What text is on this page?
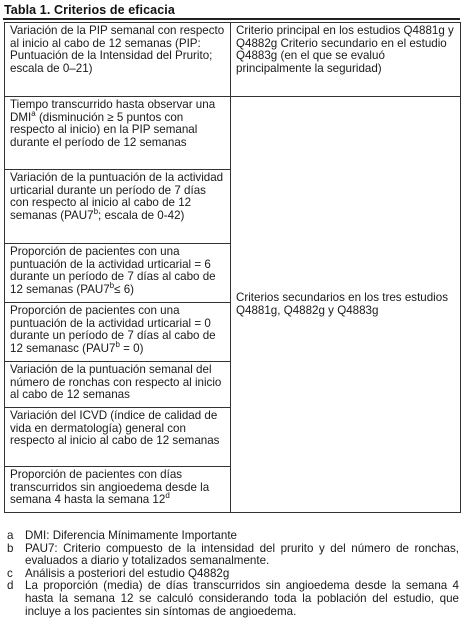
Tabla 1. Criterios de eficacia
Variación de la PIP semanal con respecto al inicio al cabo de 12 semanas (PIP: Puntuación de la Intensidad del Prurito; escala de 0–21)	Criterio principal en los estudios Q4881g y Q4882g Criterio secundario en el estudio Q4883g (en el que se evaluó principalmente la seguridad)
Tiempo transcurrido hasta observar una DMI$^a$ (disminución ≥ 5 puntos con respecto al inicio) en la PIP semanal durante el período de 12 semanas	Criterios secundarios en los tres estudios Q4881g, Q4882g y Q4883g
Variación de la puntuación de la actividad urticarial durante un período de 7 días con respecto al inicio al cabo de 12 semanas (PAU7$^b$; escala de 0-42)	
Proporción de pacientes con una puntuación de la actividad urticarial = 6 durante un período de 7 días al cabo de 12 semanas $(PAU7^b\le 6)$	
Proporción de pacientes con una puntuación de la actividad urticarial = 0 durante un período de 7 días al cabo de 12 semanasc $(PAU7^b = 0)$	
Variación de la puntuación semanal del número de ronchas con respecto al inicio al cabo de 12 semanas	
Variación del ICVD (índice de calidad de vida en dermatología) general con respecto al inicio al cabo de 12 semanas	
Proporción de pacientes con días transcurridos sin angioedema desde la semana 4 hasta la semana 12$^d$
a DMI: Diferencia Mínimamente Importante
b PAU7: Criterio compuesto de la intensidad del prurito y del número de ronchas, evaluados a diario y totalizados semanalmente.
c	Análisis a posteriori del estudio Q4882g
d La proporción (media) de días transcurridos sin angioedema desde la semana 4 hasta la semana 12 se calculó considerando toda la población del estudio, que incluye a los pacientes sin síntomas de angioedema.
